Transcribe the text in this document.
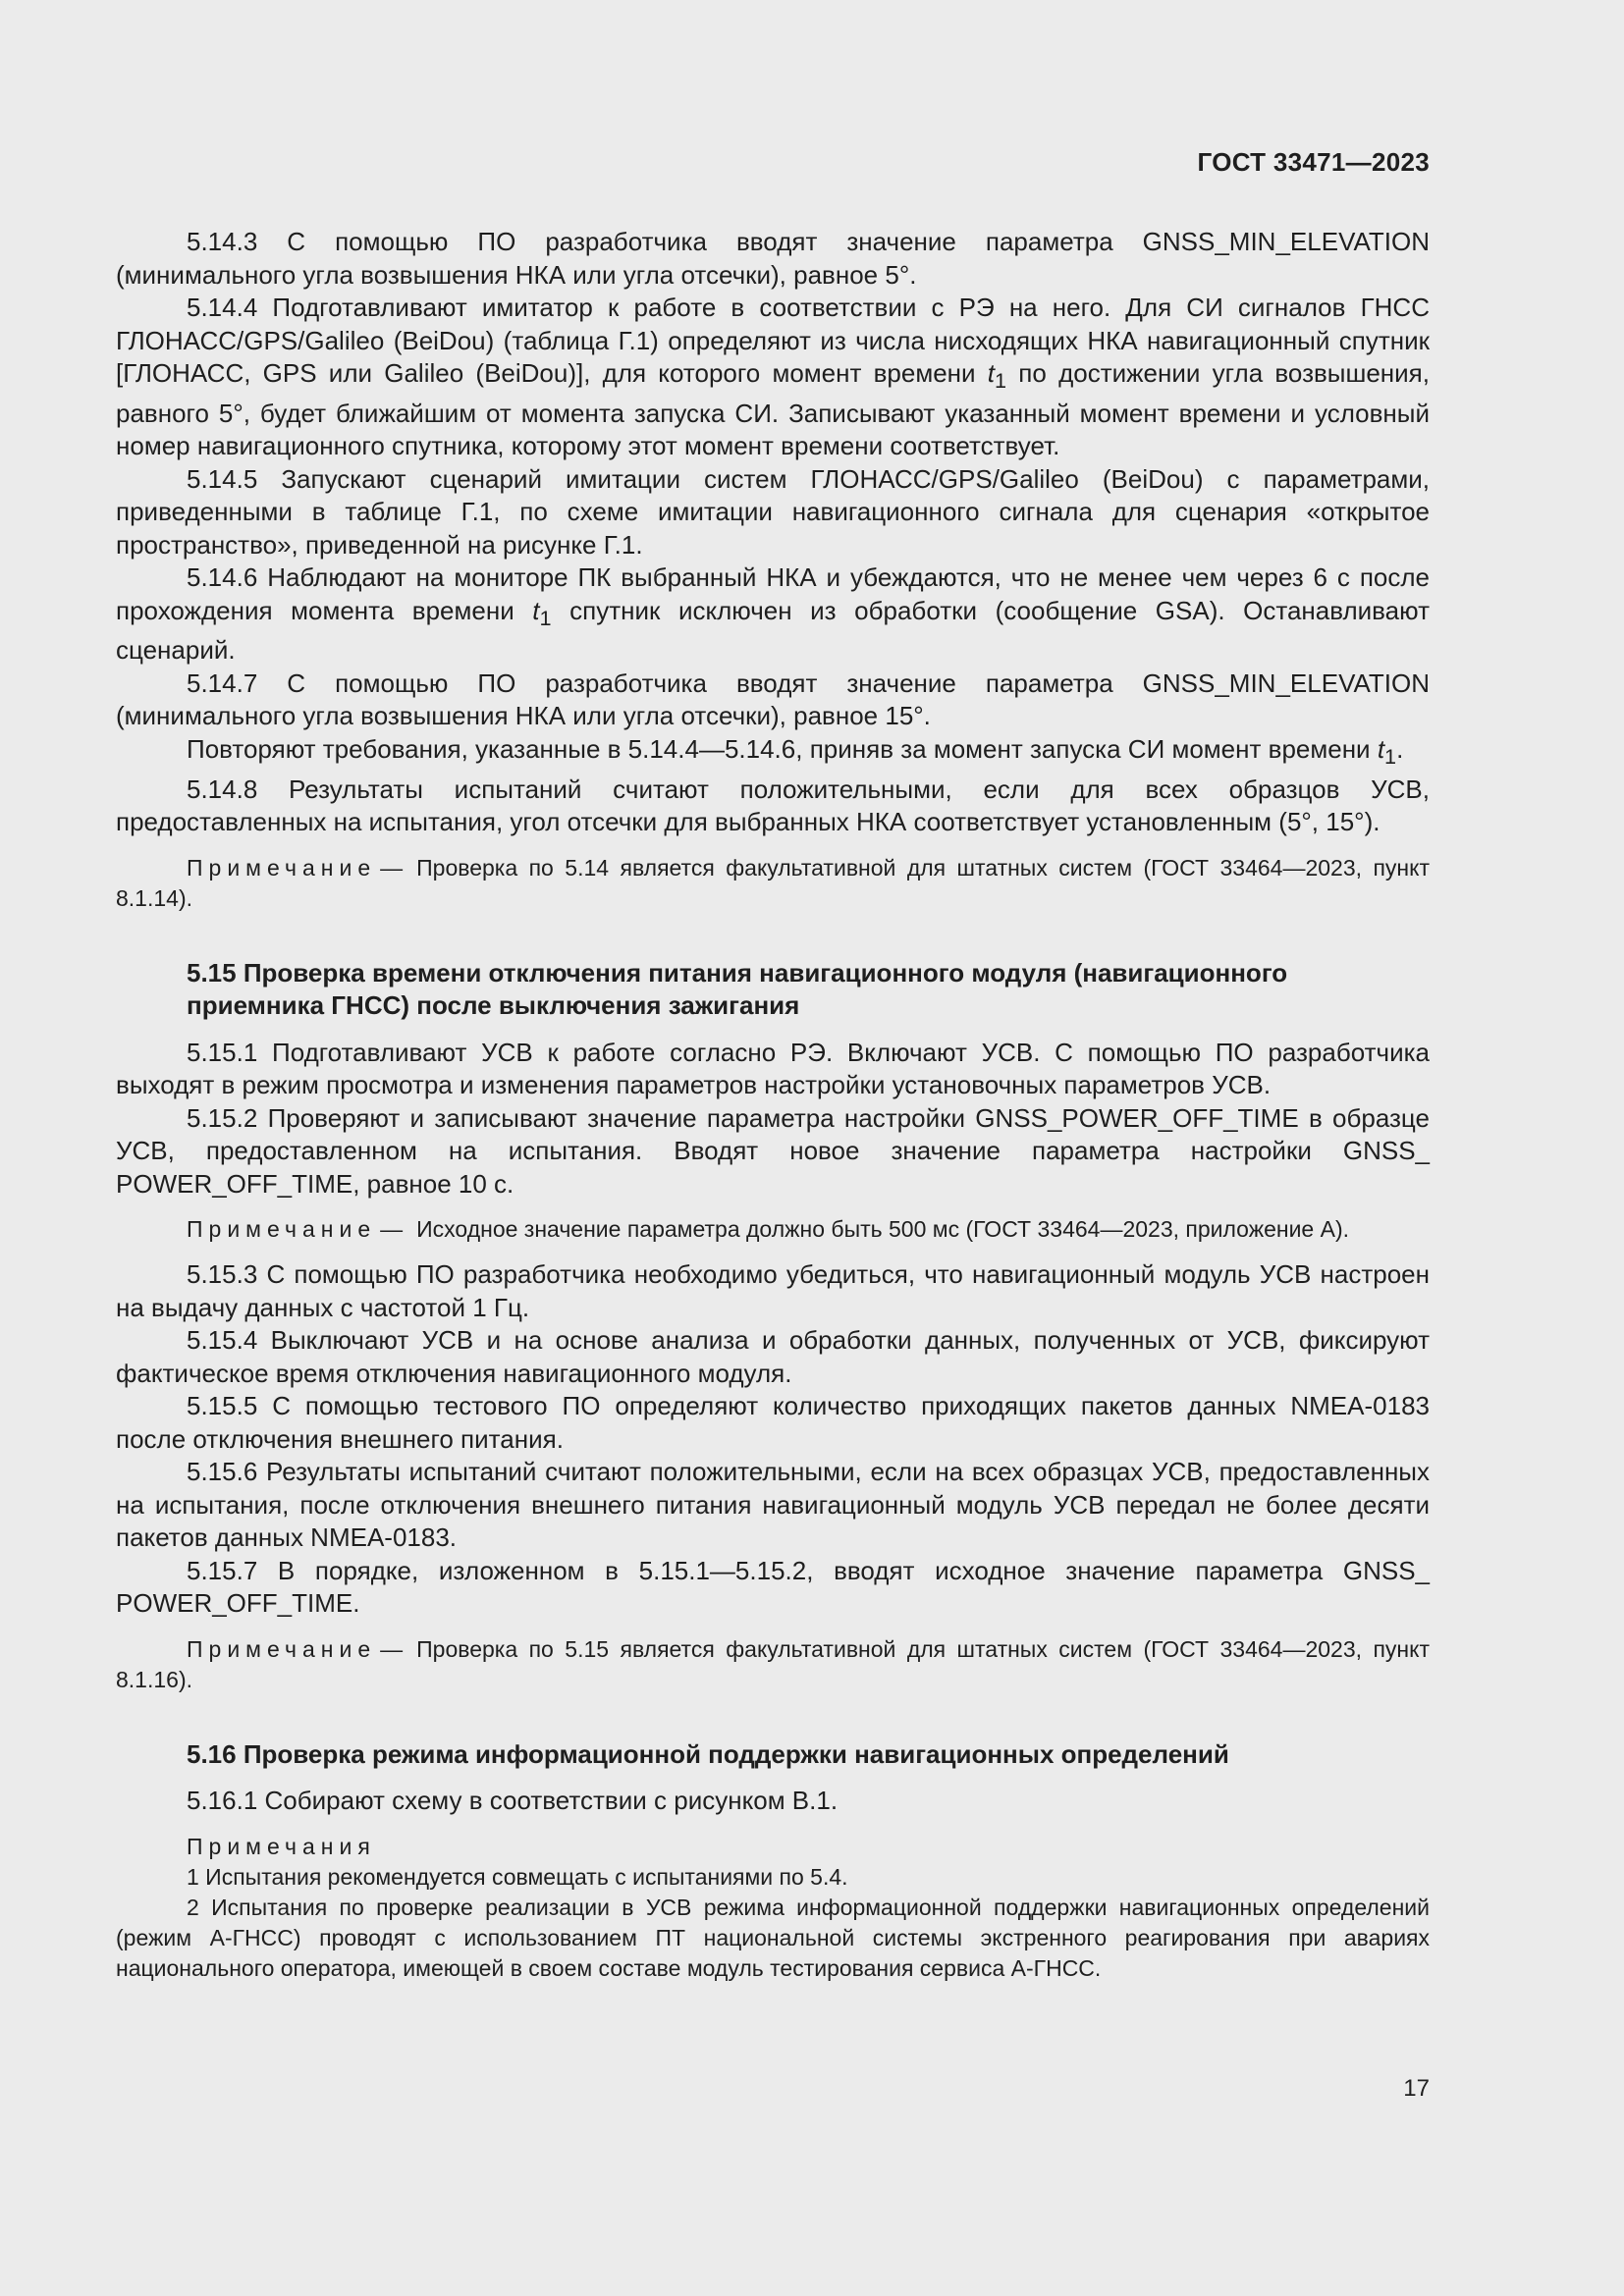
ГОСТ 33471—2023

5.14.3 С помощью ПО разработчика вводят значение параметра GNSS_MIN_ELEVATION (минимального угла возвышения НКА или угла отсечки), равное 5°.

5.14.4 Подготавливают имитатор к работе в соответствии с РЭ на него. Для СИ сигналов ГНСС ГЛОНАСС/GPS/Galileo (BeiDou) (таблица Г.1) определяют из числа нисходящих НКА навигационный спутник [ГЛОНАСС, GPS или Galileo (BeiDou)], для которого момент времени $t_1$ по достижении угла возвышения, равного 5°, будет ближайшим от момента запуска СИ. Записывают указанный момент времени и условный номер навигационного спутника, которому этот момент времени соответствует.

5.14.5 Запускают сценарий имитации систем ГЛОНАСС/GPS/Galileo (BeiDou) с параметрами, приведенными в таблице Г.1, по схеме имитации навигационного сигнала для сценария «открытое пространство», приведенной на рисунке Г.1.

5.14.6 Наблюдают на мониторе ПК выбранный НКА и убеждаются, что не менее чем через 6 с после прохождения момента времени $t_1$ спутник исключен из обработки (сообщение GSA). Останавливают сценарий.

5.14.7 С помощью ПО разработчика вводят значение параметра GNSS_MIN_ELEVATION (минимального угла возвышения НКА или угла отсечки), равное 15°.

Повторяют требования, указанные в 5.14.4—5.14.6, приняв за момент запуска СИ момент времени $t_1$.

5.14.8 Результаты испытаний считают положительными, если для всех образцов УСВ, предоставленных на испытания, угол отсечки для выбранных НКА соответствует установленным (5°, 15°).

Примечание — Проверка по 5.14 является факультативной для штатных систем (ГОСТ 33464—2023, пункт 8.1.14).
5.15 Проверка времени отключения питания навигационного модуля (навигационного приемника ГНСС) после выключения зажигания

5.15.1 Подготавливают УСВ к работе согласно РЭ. Включают УСВ. С помощью ПО разработчика выходят в режим просмотра и изменения параметров настройки установочных параметров УСВ.

5.15.2 Проверяют и записывают значение параметра настройки GNSS_POWER_OFF_TIME в образце УСВ, предоставленном на испытания. Вводят новое значение параметра настройки GNSS_ POWER_OFF_TIME, равное 10 с.

Примечание — Исходное значение параметра должно быть 500 мс (ГОСТ 33464—2023, приложение А).

5.15.3 С помощью ПО разработчика необходимо убедиться, что навигационный модуль УСВ настроен на выдачу данных с частотой 1 Гц.

5.15.4 Выключают УСВ и на основе анализа и обработки данных, полученных от УСВ, фиксируют фактическое время отключения навигационного модуля.

5.15.5 С помощью тестового ПО определяют количество приходящих пакетов данных NMEA-0183 после отключения внешнего питания.

5.15.6 Результаты испытаний считают положительными, если на всех образцах УСВ, предоставленных на испытания, после отключения внешнего питания навигационный модуль УСВ передал не более десяти пакетов данных NMEA-0183.

5.15.7 В порядке, изложенном в 5.15.1—5.15.2, вводят исходное значение параметра GNSS_ POWER_OFF_TIME.

Примечание — Проверка по 5.15 является факультативной для штатных систем (ГОСТ 33464—2023, пункт 8.1.16).
5.16 Проверка режима информационной поддержки навигационных определений

5.16.1 Собирают схему в соответствии с рисунком В.1.

Примечания

1 Испытания рекомендуется совмещать с испытаниями по 5.4.
2 Испытания по проверке реализации в УСВ режима информационной поддержки навигационных определений (режим А-ГНСС) проводят с использованием ПТ национальной системы экстренного реагирования при авариях национального оператора, имеющей в своем составе модуль тестирования сервиса А-ГНСС.
17
